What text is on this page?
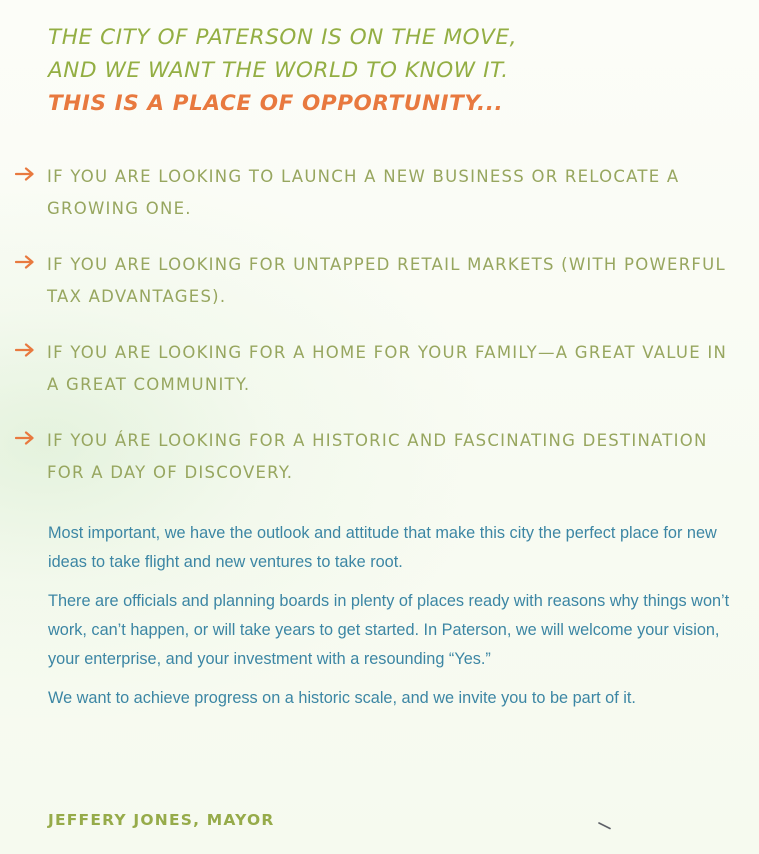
THE CITY OF PATERSON IS ON THE MOVE,
AND WE WANT THE WORLD TO KNOW IT.
THIS IS A PLACE OF OPPORTUNITY...
IF YOU ARE LOOKING TO LAUNCH A NEW BUSINESS OR RELOCATE A GROWING ONE.
IF YOU ARE LOOKING FOR UNTAPPED RETAIL MARKETS (WITH POWERFUL TAX ADVANTAGES).
IF YOU ARE LOOKING FOR A HOME FOR YOUR FAMILY—A GREAT VALUE IN A GREAT COMMUNITY.
IF YOU ÁRE LOOKING FOR A HISTORIC AND FASCINATING DESTINATION FOR A DAY OF DISCOVERY.

Most important, we have the outlook and attitude that make this city the perfect place for new ideas to take flight and new ventures to take root.

There are officials and planning boards in plenty of places ready with reasons why things won’t work, can’t happen, or will take years to get started. In Paterson, we will welcome your vision, your enterprise, and your investment with a resounding “Yes.”

We want to achieve progress on a historic scale, and we invite you to be part of it.

JEFFERY JONES, MAYOR
